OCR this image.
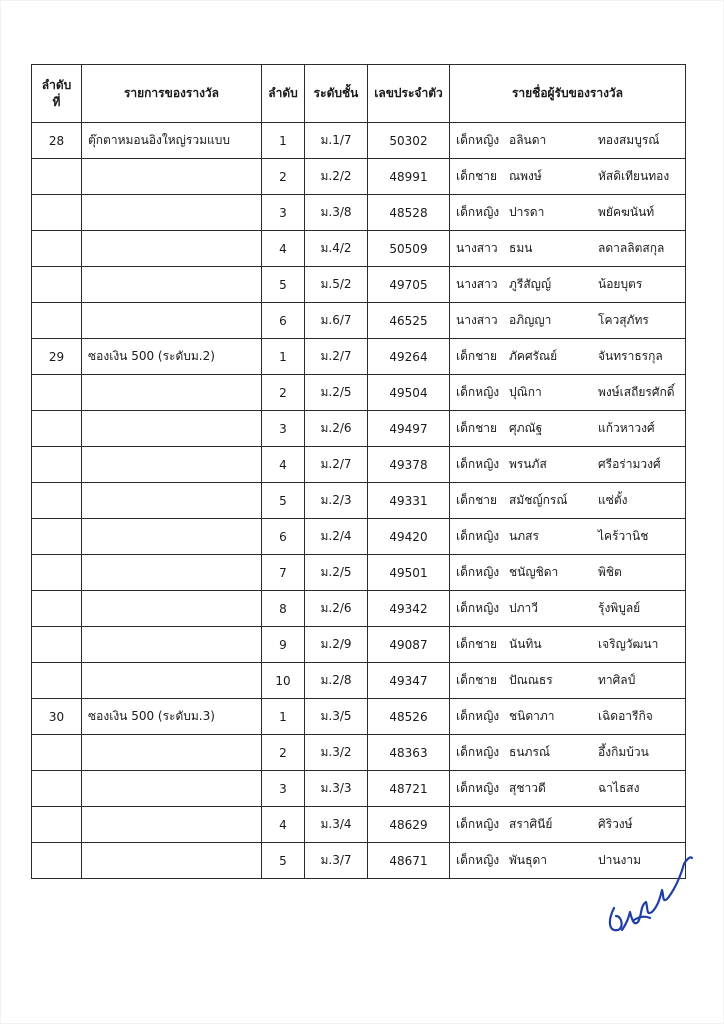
ลำดับ
ที่	รายการของรางวัล	ลำดับ	ระดับชั้น	เลขประจำตัว	รายชื่อผู้รับของรางวัล
28	ตุ๊กตาหมอนอิงใหญ่รวมแบบ	1	ม.1/7	50302	เด็กหญิง อลินดา ทองสมบูรณ์

		2	ม.2/2	48991	เด็กชาย ณพงษ์ หัสดิเทียนทอง

		3	ม.3/8	48528	เด็กหญิง ปารดา พยัคฆนันท์

		4	ม.4/2	50509	นางสาว ธมน ลดาลลิตสกุล

		5	ม.5/2	49705	นางสาว ภูรีสัญญ์ น้อยบุตร

		6	ม.6/7	46525	นางสาว อภิญญา โควสุภัทร

29	ซองเงิน 500 (ระดับม.2)	1	ม.2/7	49264	เด็กชาย ภัคศรัณย์ จันทราธรกุล

		2	ม.2/5	49504	เด็กหญิง ปุณิกา พงษ์เสถียรศักดิ์

		3	ม.2/6	49497	เด็กชาย ศุภณัฐ แก้วหาวงศ์

		4	ม.2/7	49378	เด็กหญิง พรนภัส ศรีอร่ามวงศ์

		5	ม.2/3	49331	เด็กชาย สมัชญ์กรณ์ แซ่ตั้ง

		6	ม.2/4	49420	เด็กหญิง นภสร ไคร้วานิช

		7	ม.2/5	49501	เด็กหญิง ชนัญชิดา พิชิต

		8	ม.2/6	49342	เด็กหญิง ปภาวี รุ้งพิบูลย์

		9	ม.2/9	49087	เด็กชาย นันทิน เจริญวัฒนา

		10	ม.2/8	49347	เด็กชาย ปัณณธร ทาศิลป์

30	ซองเงิน 500 (ระดับม.3)	1	ม.3/5	48526	เด็กหญิง ชนิดาภา เฉิดอารีกิจ

		2	ม.3/2	48363	เด็กหญิง ธนภรณ์ อึ้งกิมบ้วน

		3	ม.3/3	48721	เด็กหญิง สุชาวดี ฉาไธสง

		4	ม.3/4	48629	เด็กหญิง สราศินีย์ ศิริวงษ์

		5	ม.3/7	48671	เด็กหญิง พันธุดา ปานงาม
